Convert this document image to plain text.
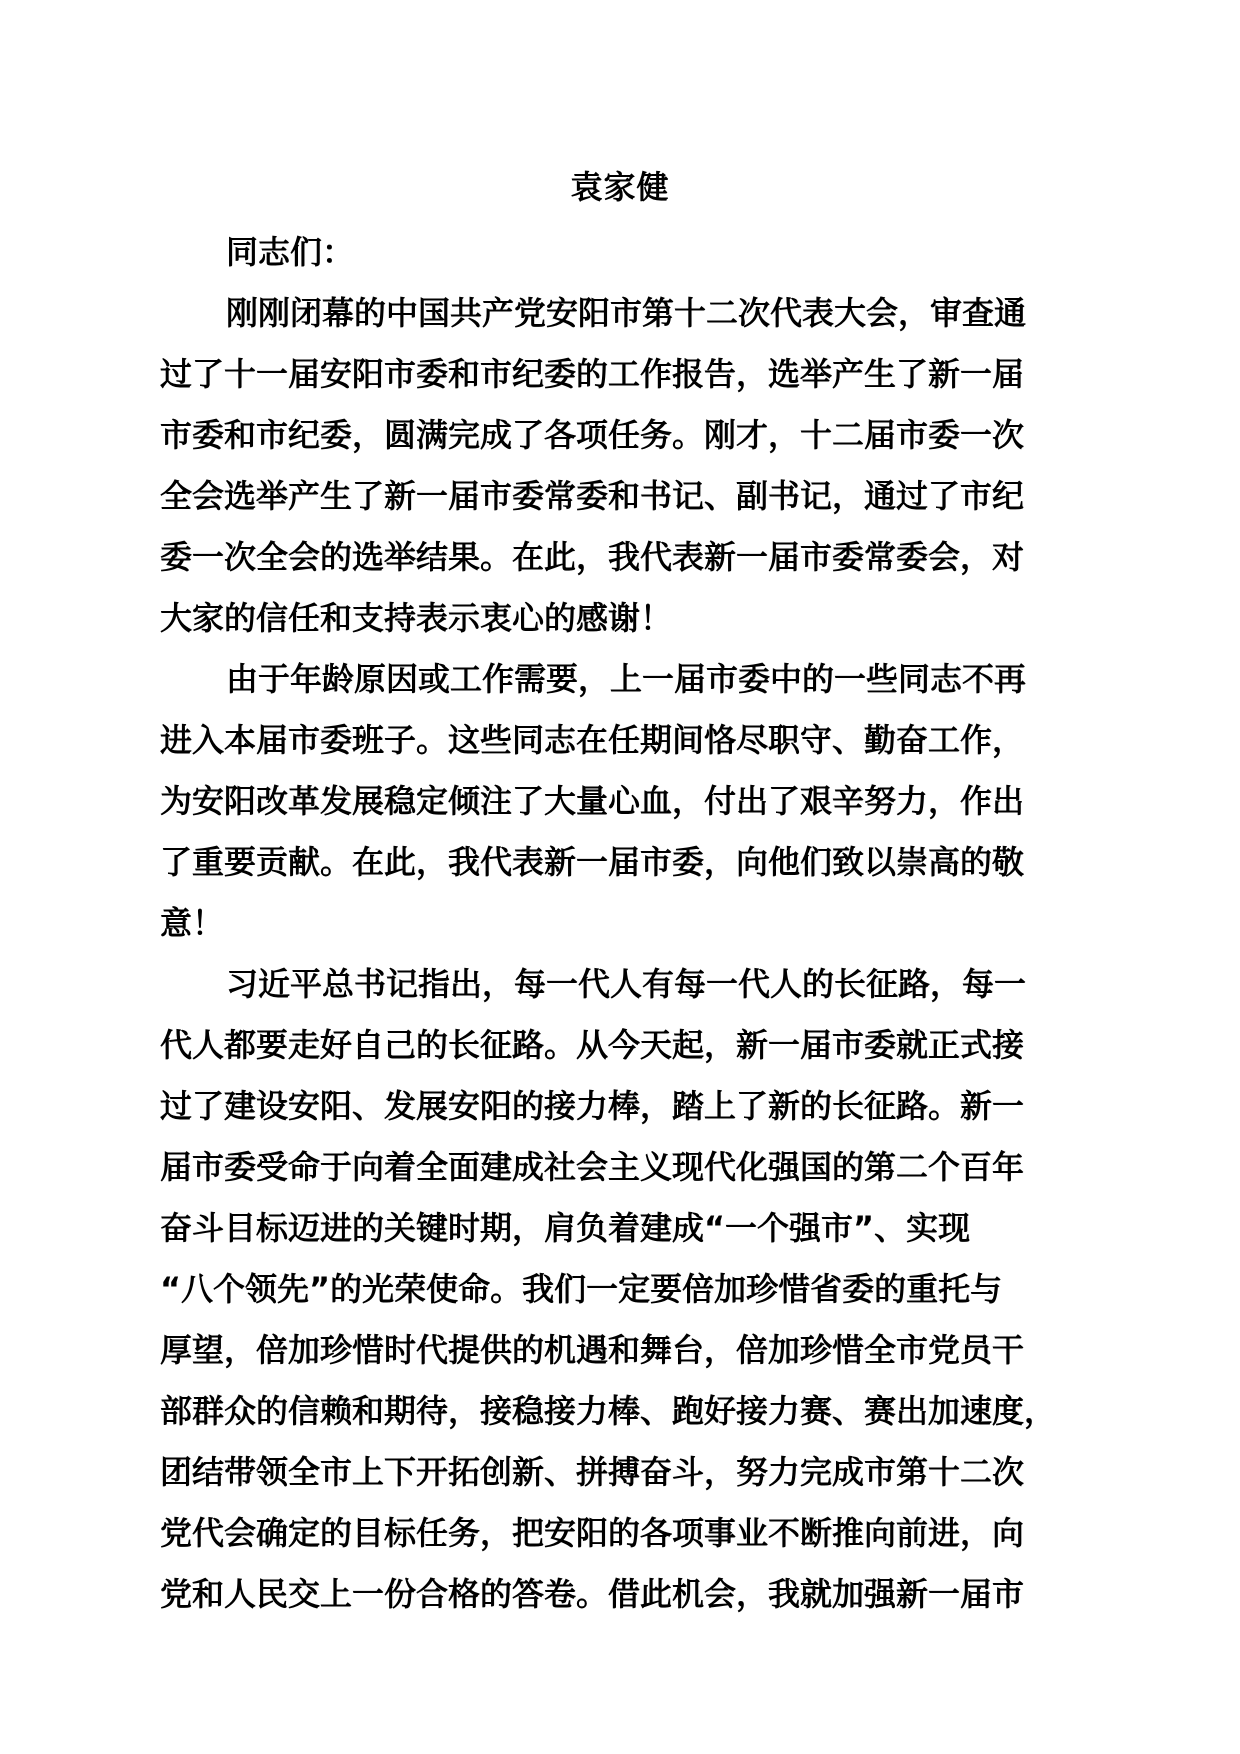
袁家健

同志们：

刚刚闭幕的中国共产党安阳市第十二次代表大会，审查通
过了十一届安阳市委和市纪委的工作报告，选举产生了新一届
市委和市纪委，圆满完成了各项任务。刚才，十二届市委一次
全会选举产生了新一届市委常委和书记、副书记，通过了市纪
委一次全会的选举结果。在此，我代表新一届市委常委会，对
大家的信任和支持表示衷心的感谢！

由于年龄原因或工作需要，上一届市委中的一些同志不再
进入本届市委班子。这些同志在任期间恪尽职守、勤奋工作，
为安阳改革发展稳定倾注了大量心血，付出了艰辛努力，作出
了重要贡献。在此，我代表新一届市委，向他们致以崇高的敬
意！

习近平总书记指出，每一代人有每一代人的长征路，每一
代人都要走好自己的长征路。从今天起，新一届市委就正式接
过了建设安阳、发展安阳的接力棒，踏上了新的长征路。新一
届市委受命于向着全面建成社会主义现代化强国的第二个百年
奋斗目标迈进的关键时期，肩负着建成“一个强市”、实现
“八个领先”的光荣使命。我们一定要倍加珍惜省委的重托与
厚望，倍加珍惜时代提供的机遇和舞台，倍加珍惜全市党员干
部群众的信赖和期待，接稳接力棒、跑好接力赛、赛出加速度，
团结带领全市上下开拓创新、拼搏奋斗，努力完成市第十二次
党代会确定的目标任务，把安阳的各项事业不断推向前进，向
党和人民交上一份合格的答卷。借此机会，我就加强新一届市
